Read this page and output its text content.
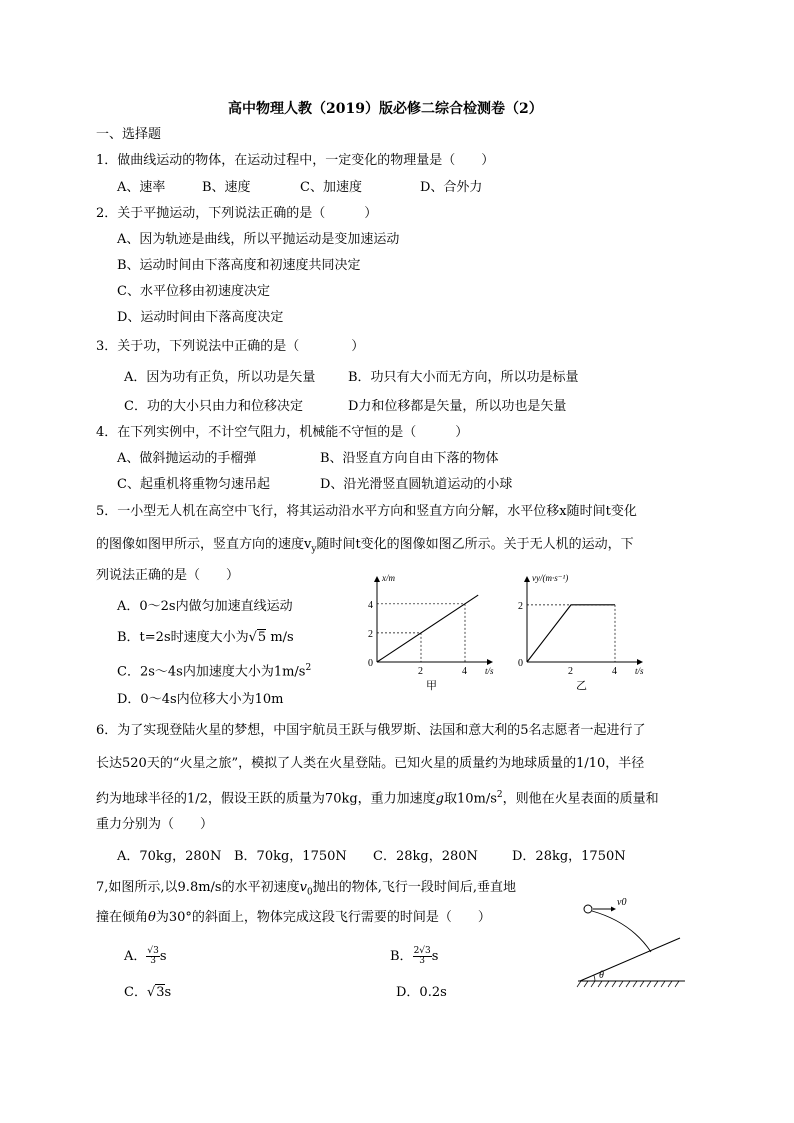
高中物理人教（2019）版必修二综合检测卷（2）
一、选择题
1．做曲线运动的物体，在运动过程中，一定变化的物理量是（　　）
A、速率	B、速度	C、加速度	D、合外力
2．关于平抛运动，下列说法正确的是（　　　）
A、因为轨迹是曲线，所以平抛运动是变加速运动
B、运动时间由下落高度和初速度共同决定
C、水平位移由初速度决定
D、运动时间由下落高度决定
3．关于功，下列说法中正确的是（　　　　）
A．因为功有正负，所以功是矢量	B．功只有大小而无方向，所以功是标量
C．功的大小只由力和位移决定	D力和位移都是矢量，所以功也是矢量
4．在下列实例中，不计空气阻力，机械能不守恒的是（　　　）
A、做斜抛运动的手榴弹	B、沿竖直方向自由下落的物体
C、起重机将重物匀速吊起	D、沿光滑竖直圆轨道运动的小球
5．一小型无人机在高空中飞行，将其运动沿水平方向和竖直方向分解，水平位移x随时间t变化
的图像如图甲所示，竖直方向的速度$v_y$随时间t变化的图像如图乙所示。关于无人机的运动，下
列说法正确的是（　　）
A．0～2s内做匀加速直线运动
B．t=2s时速度大小为√5 m/s
C．2s～4s内加速度大小为$1m/s^2$
D．0～4s内位移大小为10m
x/m
t/s
0
甲
2	4
2
4
vy/(m·s⁻¹)
t/s
0
乙
2	4
2
6．为了实现登陆火星的梦想，中国宇航员王跃与俄罗斯、法国和意大利的5名志愿者一起进行了
长达520天的“火星之旅”，模拟了人类在火星登陆。已知火星的质量约为地球质量的1/10，半径
约为地球半径的1/2，假设王跃的质量为70kg，重力加速度g取$10m/s^2$，则他在火星表面的质量和
重力分别为（　　）
A．70kg，280N B．70kg，1750N C．28kg，280N	D．28kg，1750N
7,如图所示,以9.8m/s的水平初速度$v_0$抛出的物体,飞行一段时间后,垂直地
撞在倾角θ为30°的斜面上，物体完成这段飞行需要的时间是（　　）
A． $\frac{√3}{3}$ s	B． $\frac{2√3}{3}$ s
C．√3s	D．0.2s
v0
θ
